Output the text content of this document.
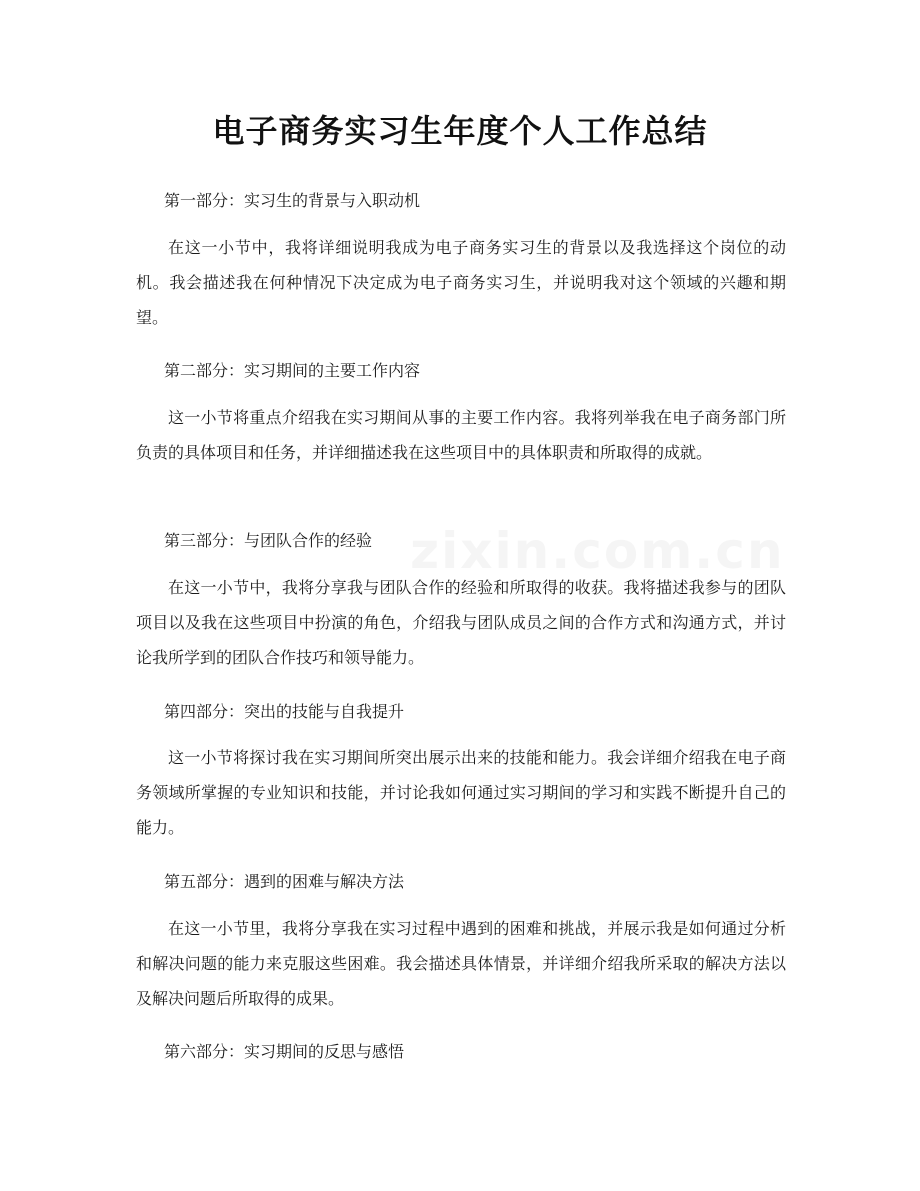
zixin.com.cn
电子商务实习生年度个人工作总结
第一部分：实习生的背景与入职动机
在这一小节中，我将详细说明我成为电子商务实习生的背景以及我选择这个岗位的动机。我会描述我在何种情况下决定成为电子商务实习生，并说明我对这个领域的兴趣和期望。
第二部分：实习期间的主要工作内容
这一小节将重点介绍我在实习期间从事的主要工作内容。我将列举我在电子商务部门所负责的具体项目和任务，并详细描述我在这些项目中的具体职责和所取得的成就。
第三部分：与团队合作的经验
在这一小节中，我将分享我与团队合作的经验和所取得的收获。我将描述我参与的团队项目以及我在这些项目中扮演的角色，介绍我与团队成员之间的合作方式和沟通方式，并讨论我所学到的团队合作技巧和领导能力。
第四部分：突出的技能与自我提升
这一小节将探讨我在实习期间所突出展示出来的技能和能力。我会详细介绍我在电子商务领域所掌握的专业知识和技能，并讨论我如何通过实习期间的学习和实践不断提升自己的能力。
第五部分：遇到的困难与解决方法
在这一小节里，我将分享我在实习过程中遇到的困难和挑战，并展示我是如何通过分析和解决问题的能力来克服这些困难。我会描述具体情景，并详细介绍我所采取的解决方法以及解决问题后所取得的成果。
第六部分：实习期间的反思与感悟
